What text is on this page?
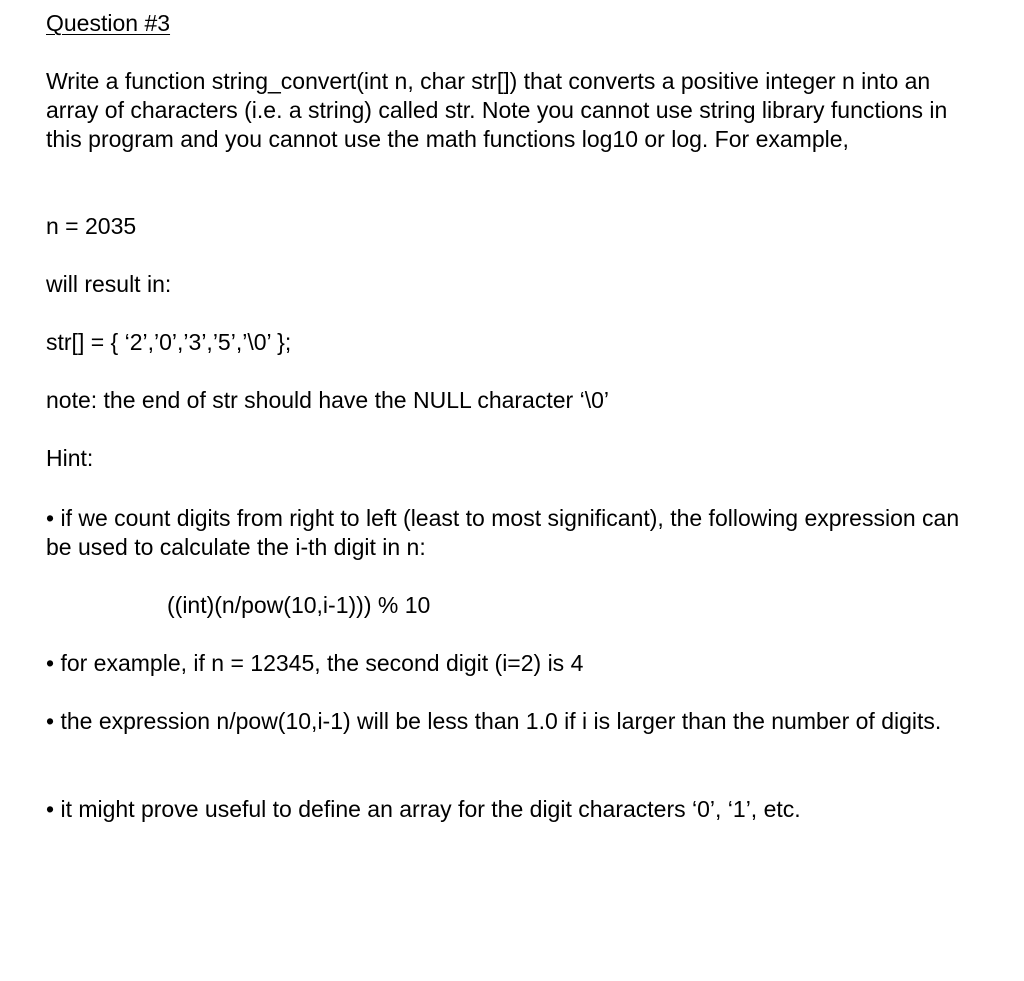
Question #3

Write a function string_convert(int n, char str[]) that converts a positive integer n into an array of characters (i.e. a string) called str. Note you cannot use string library functions in this program and you cannot use the math functions log10 or log. For example,

n = 2035

will result in:

str[] = { ‘2’,’0’,’3’,’5’,’\0’ };

note: the end of str should have the NULL character ‘\0’

Hint:

• if we count digits from right to left (least to most significant), the following expression can be used to calculate the i-th digit in n:

((int)(n/pow(10,i-1))) % 10

• for example, if n = 12345, the second digit (i=2) is 4

• the expression n/pow(10,i-1) will be less than 1.0 if i is larger than the number of digits.

• it might prove useful to define an array for the digit characters ‘0’, ‘1’, etc.
